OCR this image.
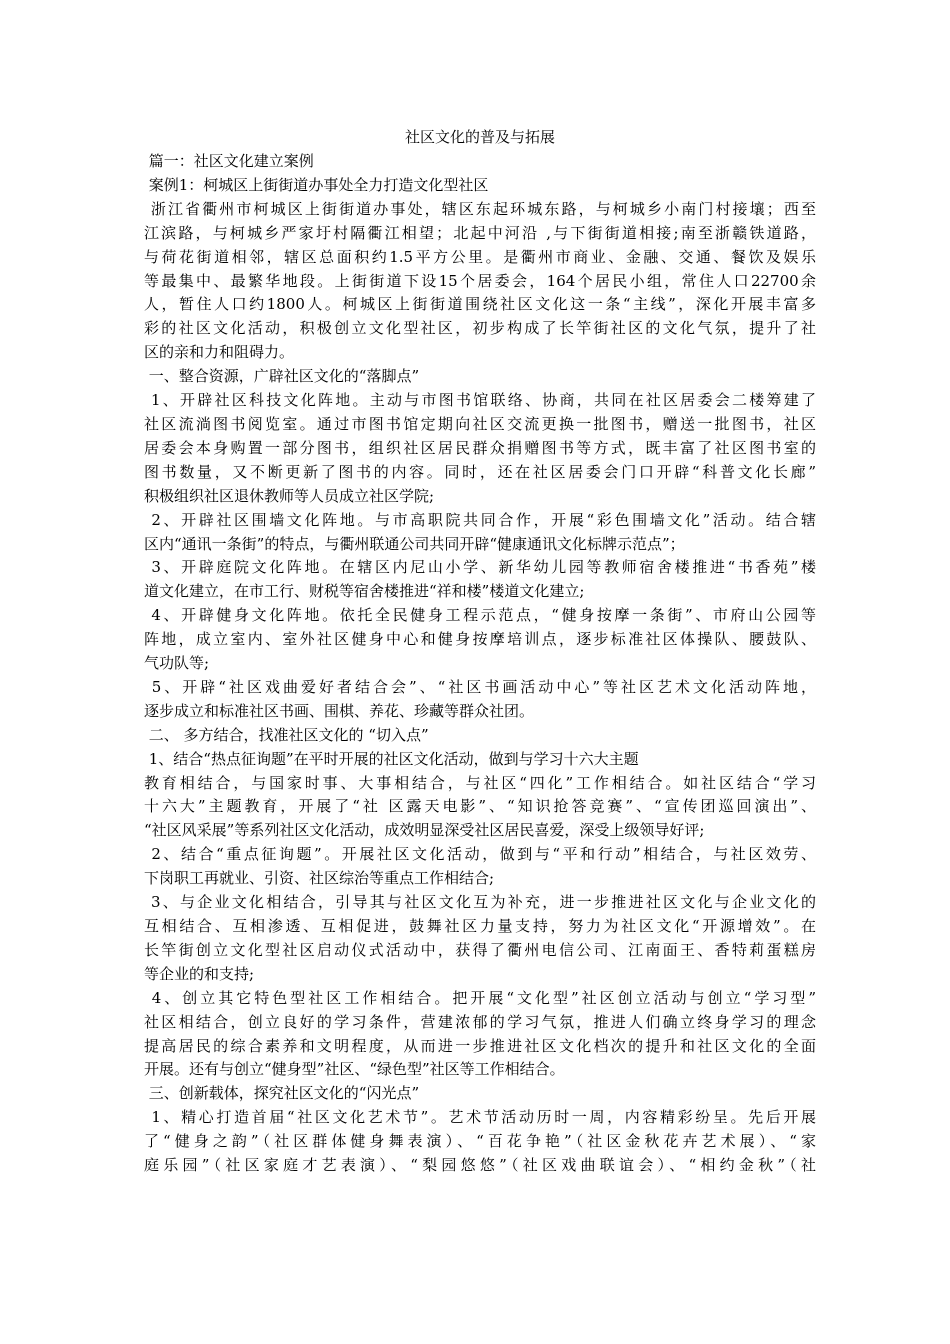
社区文化的普及与拓展

篇一：社区文化建立案例

案例1：柯城区上街街道办事处全力打造文化型社区

浙江省衢州市柯城区上街街道办事处，辖区东起环城东路，与柯城乡小南门村接壤；西至

江滨路，与柯城乡严家圩村隔衢江相望；北起中河沿 ,与下街街道相接;南至浙赣铁道路，

与荷花街道相邻，辖区总面积约1.5平方公里。是衢州市商业、金融、交通、餐饮及娱乐

等最集中、最繁华地段。上街街道下设15个居委会，164个居民小组，常住人口22700余

人，暂住人口约1800人。柯城区上街街道围绕社区文化这一条“主线”，深化开展丰富多

彩的社区文化活动，积极创立文化型社区，初步构成了长竿街社区的文化气氛，提升了社

区的亲和力和阻碍力。

一、整合资源，广辟社区文化的“落脚点”

1、开辟社区科技文化阵地。主动与市图书馆联络、协商，共同在社区居委会二楼筹建了

社区流淌图书阅览室。通过市图书馆定期向社区交流更换一批图书，赠送一批图书，社区

居委会本身购置一部分图书，组织社区居民群众捐赠图书等方式，既丰富了社区图书室的

图书数量，又不断更新了图书的内容。同时，还在社区居委会门口开辟“科普文化长廊”

积极组织社区退休教师等人员成立社区学院;

2、开辟社区围墙文化阵地。与市高职院共同合作，开展“彩色围墙文化”活动。结合辖

区内“通讯一条街”的特点，与衢州联通公司共同开辟“健康通讯文化标牌示范点”；

3、开辟庭院文化阵地。在辖区内尼山小学、新华幼儿园等教师宿舍楼推进“书香苑”楼

道文化建立，在市工行、财税等宿舍楼推进“祥和楼”楼道文化建立;

4、开辟健身文化阵地。依托全民健身工程示范点，“健身按摩一条街”、市府山公园等

阵地，成立室内、室外社区健身中心和健身按摩培训点，逐步标准社区体操队、腰鼓队、

气功队等;

5、开辟“社区戏曲爱好者结合会”、“社区书画活动中心”等社区艺术文化活动阵地，

逐步成立和标准社区书画、围棋、养花、珍藏等群众社团。

二、 多方结合，找准社区文化的 “切入点”

1、结合“热点征询题”在平时开展的社区文化活动，做到与学习十六大主题

教育相结合，与国家时事、大事相结合，与社区“四化”工作相结合。如社区结合“学习

十六大”主题教育，开展了“社 区露天电影”、“知识抢答竞赛”、“宣传团巡回演出”、

“社区风采展”等系列社区文化活动，成效明显深受社区居民喜爱，深受上级领导好评;

2、结合“重点征询题”。开展社区文化活动，做到与“平和行动”相结合，与社区效劳、

下岗职工再就业、引资、社区综治等重点工作相结合;

3、与企业文化相结合，引导其与社区文化互为补充，进一步推进社区文化与企业文化的

互相结合、互相渗透、互相促进，鼓舞社区力量支持，努力为社区文化“开源增效”。在

长竿街创立文化型社区启动仪式活动中，获得了衢州电信公司、江南面王、香特莉蛋糕房

等企业的和支持;

4、创立其它特色型社区工作相结合。把开展“文化型”社区创立活动与创立“学习型”

社区相结合，创立良好的学习条件，营建浓郁的学习气氛，推进人们确立终身学习的理念

提高居民的综合素养和文明程度，从而进一步推进社区文化档次的提升和社区文化的全面

开展。还有与创立“健身型”社区、“绿色型”社区等工作相结合。

三、创新载体，探究社区文化的“闪光点”

1、精心打造首届“社区文化艺术节”。艺术节活动历时一周，内容精彩纷呈。先后开展

了“健身之韵”（社区群体健身舞表演）、“百花争艳”（社区金秋花卉艺术展）、“家

庭乐园”（社区家庭才艺表演）、“梨园悠悠”（社区戏曲联谊会）、“相约金秋”（社
